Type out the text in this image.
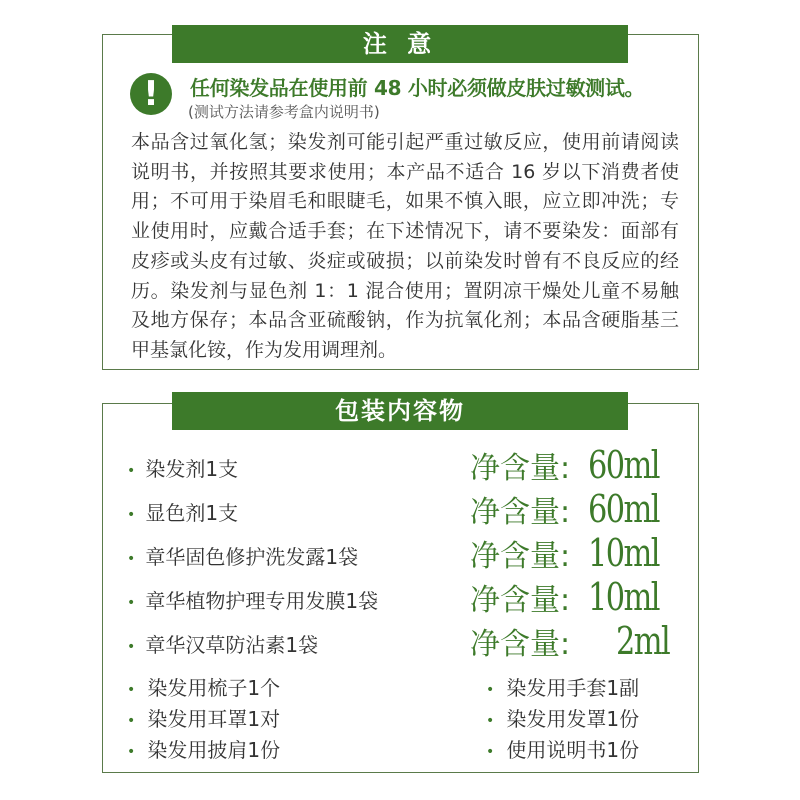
注 意
!	任何染发品在使用前 48 小时必须做皮肤过敏测试。
(测试方法请参考盒内说明书)
本品含过氧化氢；染发剂可能引起严重过敏反应，使用前请阅读说明书，并按照其要求使用；本产品不适合 16 岁以下消费者使用；不可用于染眉毛和眼睫毛，如果不慎入眼，应立即冲洗；专业使用时，应戴合适手套；在下述情况下，请不要染发：面部有皮疹或头皮有过敏、炎症或破损；以前染发时曾有不良反应的经历。染发剂与显色剂 1：1 混合使用；置阴凉干燥处儿童不易触及地方保存；本品含亚硫酸钠，作为抗氧化剂；本品含硬脂基三甲基氯化铵，作为发用调理剂。
包装内容物
• 染发剂1支	净含量: 60ml
• 显色剂1支	净含量: 60ml
• 章华固色修护洗发露1袋	净含量: 10ml
• 章华植物护理专用发膜1袋	净含量: 10ml
• 章华汉草防沾素1袋	净含量: 2ml
• 染发用梳子1个
• 染发用耳罩1对
• 染发用披肩1份
• 染发用手套1副
• 染发用发罩1份
• 使用说明书1份
